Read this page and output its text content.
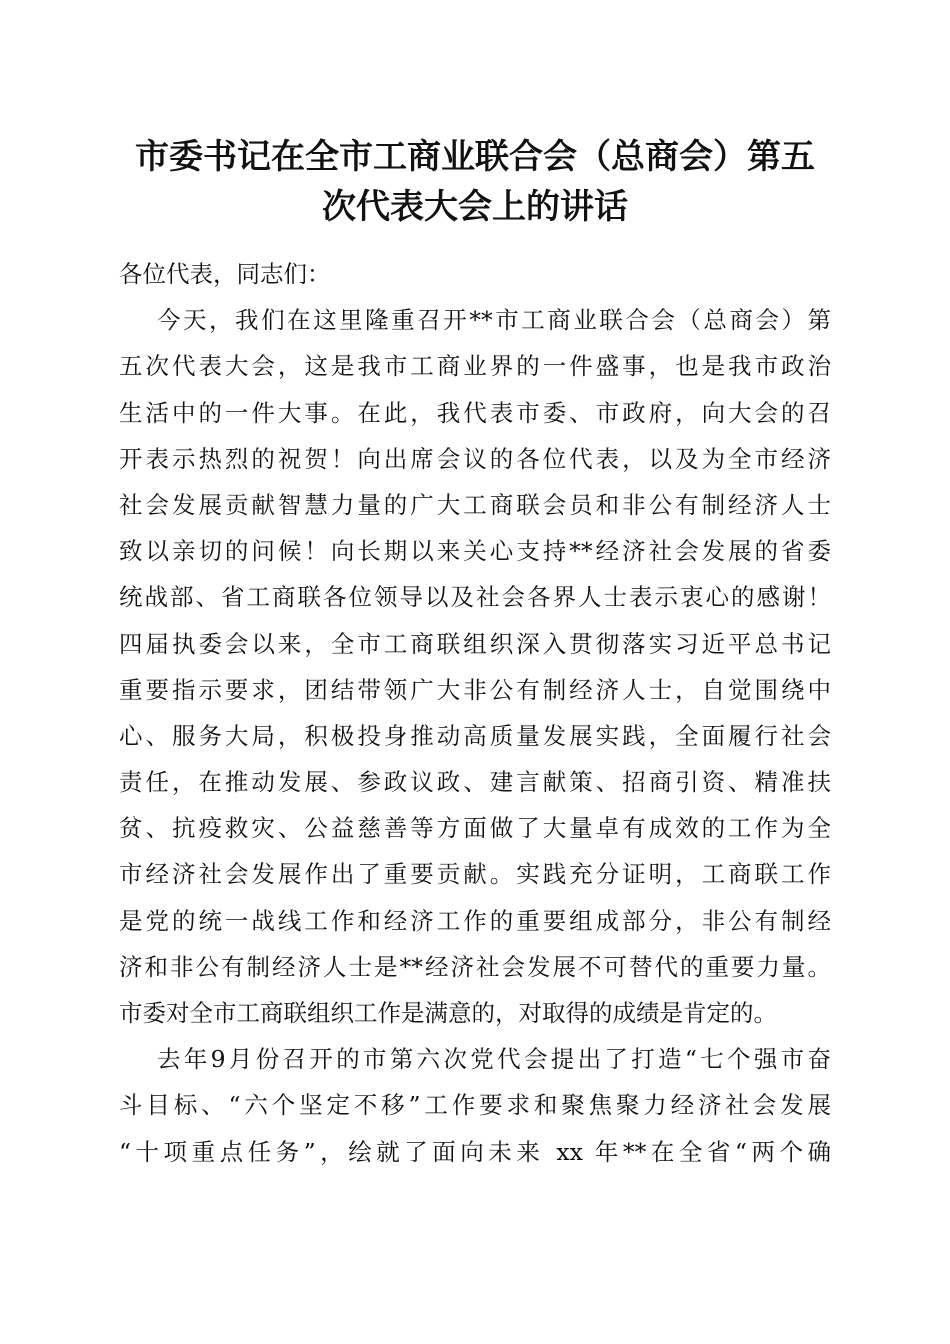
市委书记在全市工商业联合会（总商会）第五
次代表大会上的讲话
各位代表，同志们：
今天，我们在这里隆重召开**市工商业联合会（总商会）第
五次代表大会，这是我市工商业界的一件盛事，也是我市政治
生活中的一件大事。在此，我代表市委、市政府，向大会的召
开表示热烈的祝贺！向出席会议的各位代表，以及为全市经济
社会发展贡献智慧力量的广大工商联会员和非公有制经济人士
致以亲切的问候！向长期以来关心支持**经济社会发展的省委
统战部、省工商联各位领导以及社会各界人士表示衷心的感谢！
四届执委会以来，全市工商联组织深入贯彻落实习近平总书记
重要指示要求，团结带领广大非公有制经济人士，自觉围绕中
心、服务大局，积极投身推动高质量发展实践，全面履行社会
责任，在推动发展、参政议政、建言献策、招商引资、精准扶
贫、抗疫救灾、公益慈善等方面做了大量卓有成效的工作为全
市经济社会发展作出了重要贡献。实践充分证明，工商联工作
是党的统一战线工作和经济工作的重要组成部分，非公有制经
济和非公有制经济人士是**经济社会发展不可替代的重要力量。
市委对全市工商联组织工作是满意的，对取得的成绩是肯定的。
去年9月份召开的市第六次党代会提出了打造“七个强市奋
斗目标、“六个坚定不移”工作要求和聚焦聚力经济社会发展
“十项重点任务”，绘就了面向未来 xx 年**在全省“两个确
